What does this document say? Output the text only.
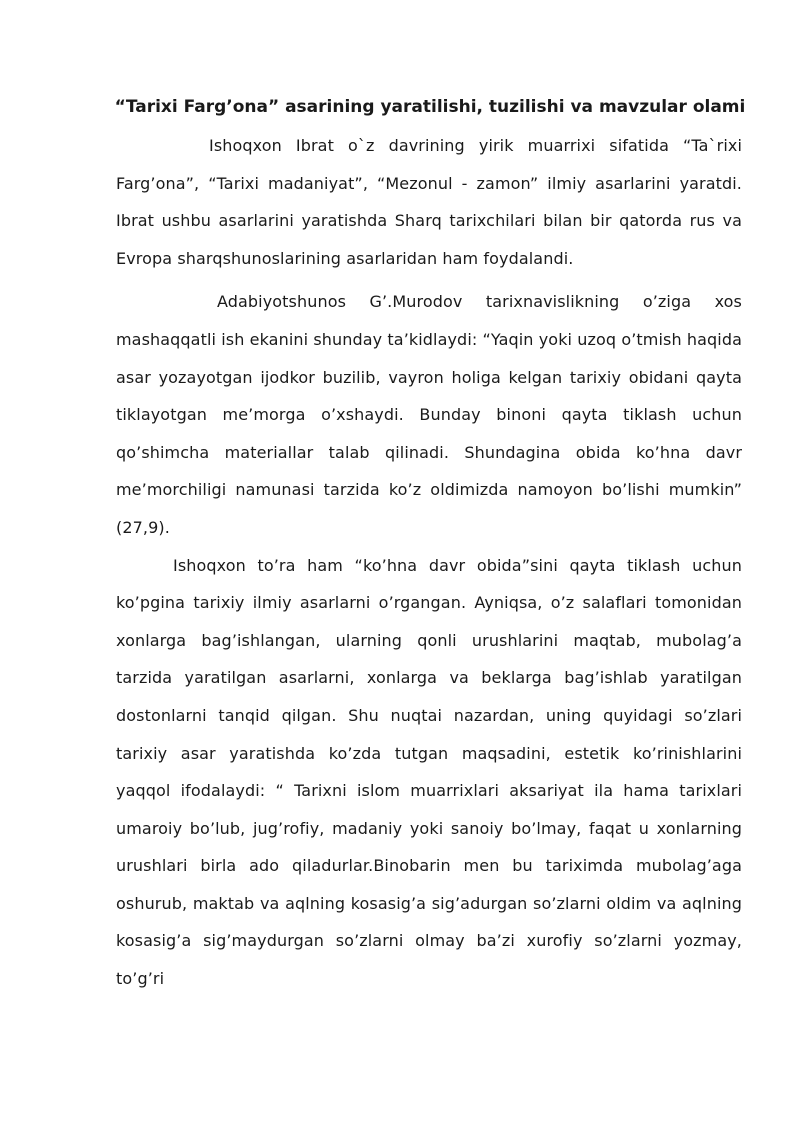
“Tarixi Farg’ona” asarining yaratilishi, tuzilishi va mavzular olami

Ishoqxon Ibrat o`z davrining yirik muarrixi sifatida “Ta`rixi Farg’ona”, “Tarixi madaniyat”, “Mezonul - zamon” ilmiy asarlarini yaratdi. Ibrat ushbu asarlarini yaratishda Sharq tarixchilari bilan bir qatorda rus va Evropa sharqshunoslarining asarlaridan ham foydalandi.

Adabiyotshunos G’.Murodov tarixnavislikning o’ziga xos mashaqqatli ish ekanini shunday ta’kidlaydi: “Yaqin yoki uzoq o’tmish haqida asar yozayotgan ijodkor buzilib, vayron holiga kelgan tarixiy obidani qayta tiklayotgan me’morga o’xshaydi. Bunday binoni qayta tiklash uchun qo’shimcha materiallar talab qilinadi. Shundagina obida ko’hna davr me’morchiligi namunasi tarzida ko’z oldimizda namoyon bo’lishi mumkin” (27,9).

Ishoqxon to’ra ham “ko’hna davr obida”sini qayta tiklash uchun ko’pgina tarixiy ilmiy asarlarni o’rgangan. Ayniqsa, o’z salaflari tomonidan xonlarga bag’ishlangan, ularning qonli urushlarini maqtab, mubolag’a tarzida yaratilgan asarlarni, xonlarga va beklarga bag’ishlab yaratilgan dostonlarni tanqid qilgan. Shu nuqtai nazardan, uning quyidagi so’zlari tarixiy asar yaratishda ko’zda tutgan maqsadini, estetik ko’rinishlarini yaqqol ifodalaydi: “ Tarixni islom muarrixlari aksariyat ila hama tarixlari umaroiy bo’lub, jug’rofiy, madaniy yoki sanoiy bo’lmay, faqat u xonlarning urushlari birla ado qiladurlar.Binobarin men bu tariximda mubolag’aga oshurub, maktab va aqlning kosasig’a sig’adurgan so’zlarni oldim va aqlning kosasig’a sig’maydurgan so’zlarni olmay ba’zi xurofiy so’zlarni yozmay, to’g’ri
